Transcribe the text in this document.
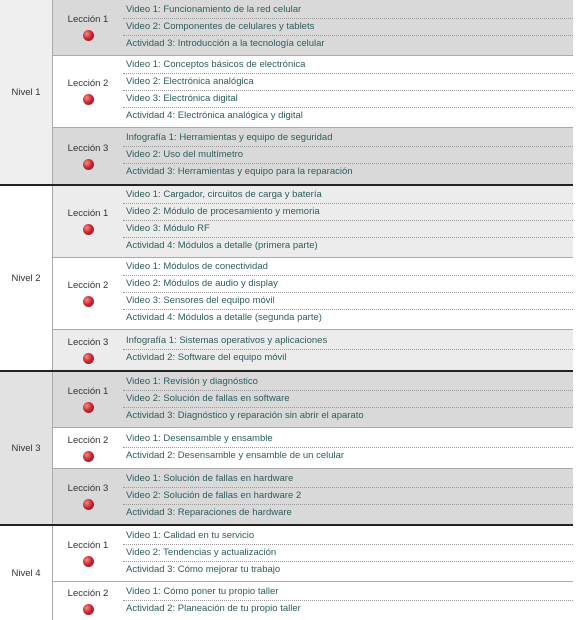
Nivel 1
Lección 1
Video 1: Funcionamiento de la red celular
Video 2: Componentes de celulares y tablets
Actividad 3: Introducción a la tecnología celular
Lección 2
Video 1: Conceptos básicos de electrónica
Video 2: Electrónica analógica
Video 3: Electrónica digital
Actividad 4: Electrónica analógica y digital
Lección 3
Infografía 1: Herramientas y equipo de seguridad
Video 2: Uso del multímetro
Actividad 3: Herramientas y equipo para la reparación
Nivel 2
Lección 1
Video 1: Cargador, circuitos de carga y batería
Video 2: Módulo de procesamiento y memoria
Video 3: Módulo RF
Actividad 4: Módulos a detalle (primera parte)
Lección 2
Video 1: Módulos de conectividad
Video 2: Módulos de audio y display
Video 3: Sensores del equipo móvil
Actividad 4: Módulos a detalle (segunda parte)
Lección 3	Infografía 1: Sistemas operativos y aplicaciones
Actividad 2: Software del equipo móvil
Nivel 3
Lección 1
Video 1: Revisión y diagnóstico
Video 2: Solución de fallas en software
Actividad 3: Diagnóstico y reparación sin abrir el aparato
Lección 2	Video 1: Desensamble y ensamble
Actividad 2: Desensamble y ensamble de un celular
Lección 3
Video 1: Solución de fallas en hardware
Video 2: Solución de fallas en hardware 2
Actividad 3: Reparaciones de hardware
Nivel 4
Lección 1
Video 1: Calidad en tu servicio
Video 2: Tendencias y actualización
Actividad 3: Cómo mejorar tu trabajo
Lección 2	Video 1: Cómo poner tu propio taller
Actividad 2: Planeación de tu propio taller
